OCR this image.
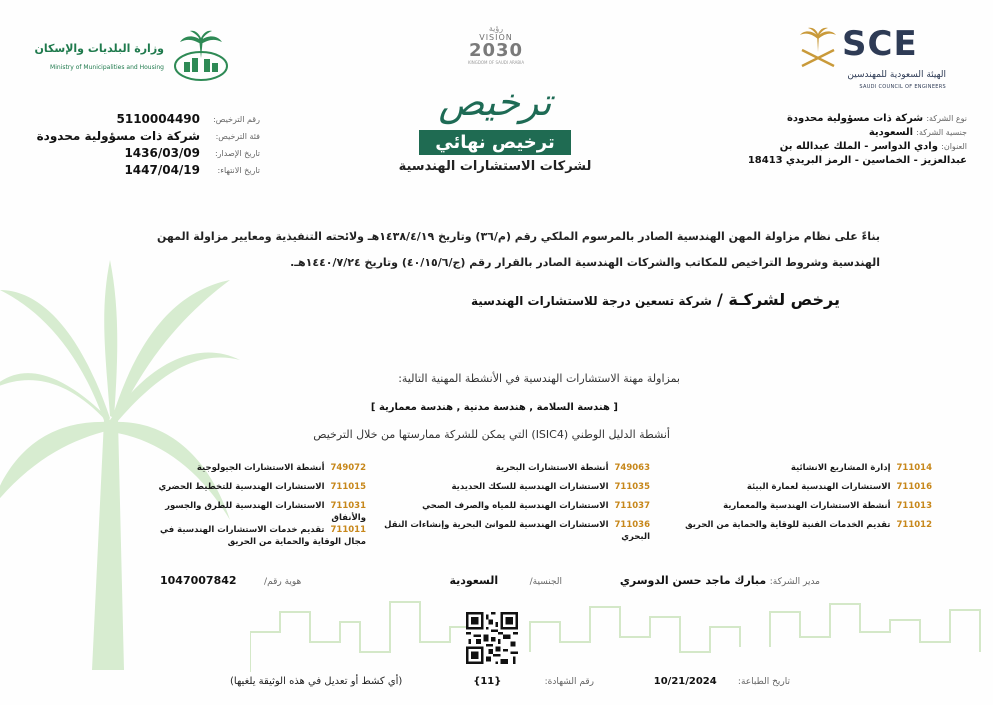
وزارة البلديات والإسكان
Ministry of Municipalities and Housing
رؤية
VISION
2030
KINGDOM OF SAUDI ARABIA	SCE
الهيئة السعودية للمهندسين
SAUDI COUNCIL OF ENGINEERS
ترخيص
ترخيص نهائي
لشركات الاستشارات الهندسية
5110004490 رقم الترخيص:
شركة ذات مسؤولية محدودة فئة الترخيص:
1436/03/09 تاريخ الإصدار:
1447/04/19 تاريخ الانتهاء:
نوع الشركة: شركة ذات مسؤولية محدودة
جنسية الشركة: السعودية
العنوان: وادي الدواسر - الملك عبدالله بن عبدالعزيز - الخماسين - الرمز البريدي 18413
بناءً على نظام مزاولة المهن الهندسية الصادر بالمرسوم الملكي رقم (م/٣٦) وتاريخ ١٤٣٨/٤/١٩هـ ولائحته التنفيذية ومعايير مزاولة المهن الهندسية وشروط التراخيص للمكاتب والشركات الهندسية الصادر بالقرار رقم (ج/٤٠/١٥/٦) وتاريخ ١٤٤٠/٧/٢٤هـ.
يرخص لشركـة / شركة تسعين درجة للاستشارات الهندسية
بمزاولة مهنة الاستشارات الهندسية في الأنشطة المهنية التالية:
[ هندسة السلامة , هندسة مدنية , هندسة معمارية ]
أنشطة الدليل الوطني (ISIC4) التي يمكن للشركة ممارستها من خلال الترخيص
711014إدارة المشاريع الانشائية
711016الاستشارات الهندسية لعمارة البيئة
711013أنشطة الاستشارات الهندسية والمعمارية
711012تقديم الخدمات الفنية للوقاية والحماية من الحريق
749063أنشطة الاستشارات البحرية
711035الاستشارات الهندسية للسكك الحديدية
711037الاستشارات الهندسية للمياه والصرف الصحي
711036الاستشارات الهندسية للموانئ البحرية وإنشاءات النقل البحري
749072أنشطة الاستشارات الجيولوجية
711015الاستشارات الهندسية للتخطيط الحضري
711031الاستشارات الهندسية للطرق والجسور والأنفاق
711011تقديم خدمات الاستشارات الهندسية في مجال الوقاية والحماية من الحريق
مدير الشركة: مبارك ماجد حسن الدوسري
الجنسية/ السعودية
هوية رقم/ 1047007842
تاريخ الطباعة: 10/21/2024
رقم الشهادة: {11}
(أي كشط أو تعديل في هذه الوثيقة يلغيها)
